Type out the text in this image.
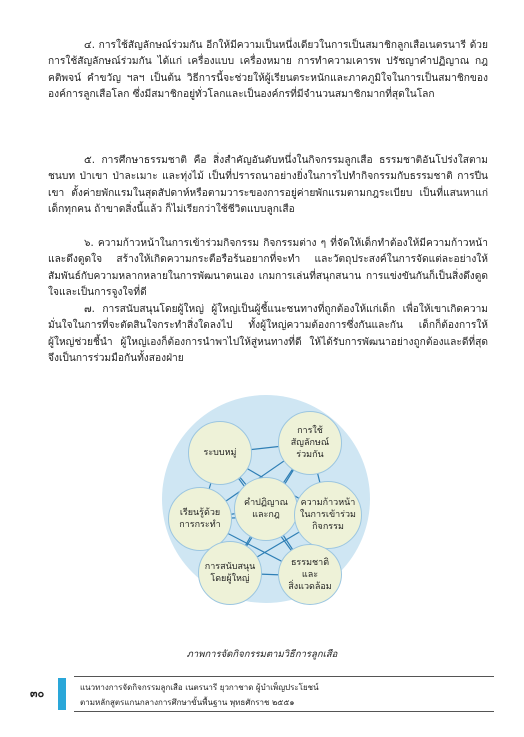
๔. การใช้สัญลักษณ์ร่วมกัน อีกให้มีความเป็นหนึ่งเดียวในการเป็นสมาชิกลูกเสือเนตรนารี ด้วยการใช้สัญลักษณ์ร่วมกัน ได้แก่ เครื่องแบบ เครื่องหมาย การทำความเคารพ ปรัชญาคำปฏิญาณ กฎ คติพจน์ คำขวัญ ฯลฯ เป็นต้น วิธีการนี้จะช่วยให้ผู้เรียนตระหนักและภาคภูมิใจในการเป็นสมาชิกขององค์การลูกเสือโลก ซึ่งมีสมาชิกอยู่ทั่วโลกและเป็นองค์กรที่มีจำนวนสมาชิกมากที่สุดในโลก

๕. การศึกษาธรรมชาติ คือ สิ่งสำคัญอันดับหนึ่งในกิจกรรมลูกเสือ ธรรมชาติอันโปร่งใสตามชนบท ป่าเขา ป่าละเมาะ และทุ่งไม้ เป็นที่ปรารถนาอย่างยิ่งในการไปทำกิจกรรมกับธรรมชาติ การปีนเขา ตั้งค่ายพักแรมในสุดสัปดาห์หรือตามวาระของการอยู่ค่ายพักแรมตามกฎระเบียบ เป็นที่แสนหาแก่เด็กทุกคน ถ้าขาดสิ่งนี้แล้ว ก็ไม่เรียกว่าใช้ชีวิตแบบลูกเสือ

๖. ความก้าวหน้าในการเข้าร่วมกิจกรรม กิจกรรมต่าง ๆ ที่จัดให้เด็กทำต้องให้มีความก้าวหน้าและดึงดูดใจ สร้างให้เกิดความกระตือรือร้นอยากที่จะทำ และวัตถุประสงค์ในการจัดแต่ละอย่างให้สัมพันธ์กับความหลากหลายในการพัฒนาตนเอง เกมการเล่นที่สนุกสนาน การแข่งขันกันก็เป็นสิ่งดึงดูดใจและเป็นการจูงใจที่ดี

๗. การสนับสนุนโดยผู้ใหญ่ ผู้ใหญ่เป็นผู้ชี้แนะชนทางที่ถูกต้องให้แก่เด็ก เพื่อให้เขาเกิดความมั่นใจในการที่จะตัดสินใจกระทำสิ่งใดลงไป ทั้งผู้ใหญ่ความต้องการซึ่งกันและกัน เด็กก็ต้องการให้ผู้ใหญ่ช่วยชี้นำ ผู้ใหญ่เองก็ต้องการนำพาไปให้สู่หนทางที่ดี ให้ได้รับการพัฒนาอย่างถูกต้องและดีที่สุด จึงเป็นการร่วมมือกันทั้งสองฝ่าย

ระบบหมู่
การใช้
สัญลักษณ์
ร่วมกัน
เรียนรู้ด้วย
การกระทำ
คำปฏิญาณ
และกฎ
ความก้าวหน้า
ในการเข้าร่วม
กิจกรรม
การสนับสนุน
โดยผู้ใหญ่
ธรรมชาติ
และ
สิ่งแวดล้อม
ภาพการจัดกิจกรรมตามวิธีการลูกเสือ
๓๐	แนวทางการจัดกิจกรรมลูกเสือ เนตรนารี ยุวกาชาด ผู้บำเพ็ญประโยชน์
ตามหลักสูตรแกนกลางการศึกษาขั้นพื้นฐาน พุทธศักราช ๒๕๕๑
